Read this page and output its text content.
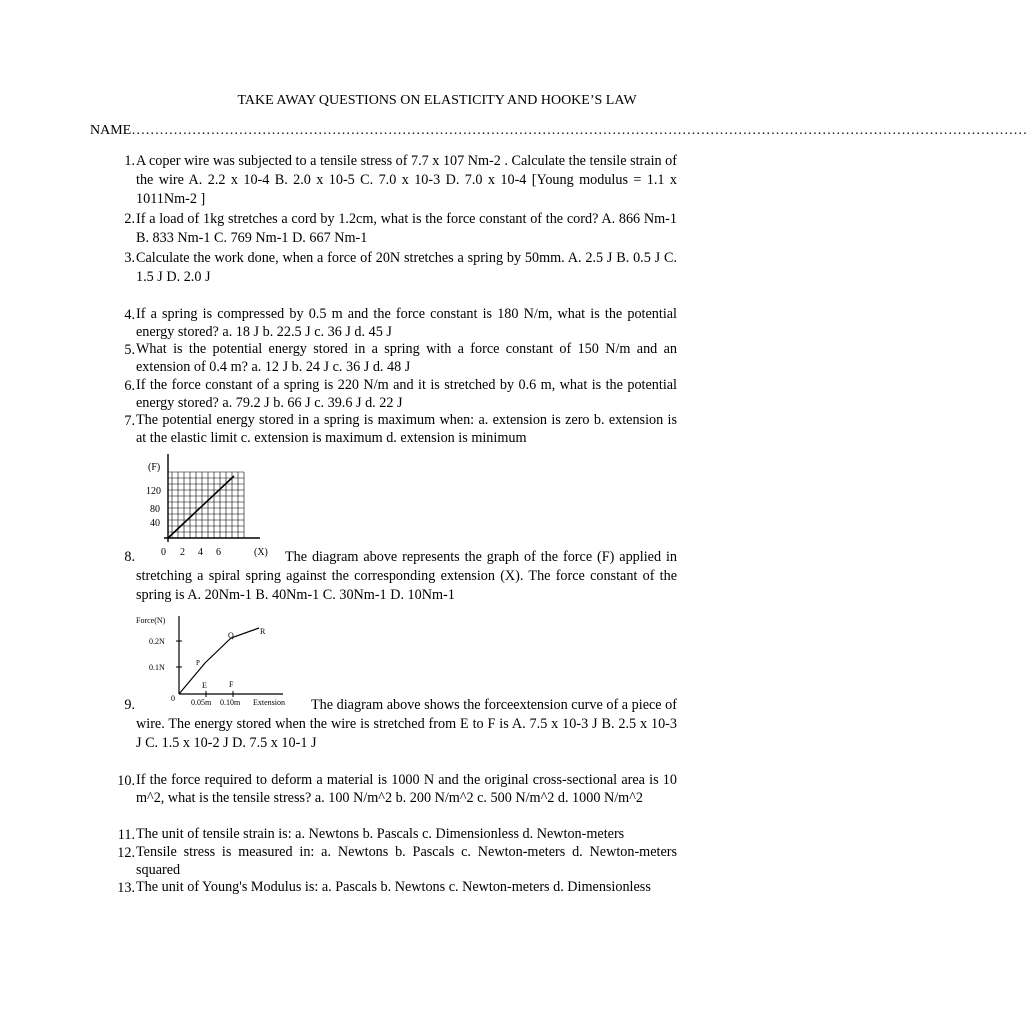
TAKE AWAY QUESTIONS ON ELASTICITY AND HOOKE’S LAW
NAME…………………………………………………………………………………………………………………………………………………………………………
1. A coper wire was subjected to a tensile stress of 7.7 x 107 Nm-2 . Calculate the tensile strain of the wire A. 2.2 x 10-4 B. 2.0 x 10-5 C. 7.0 x 10-3 D. 7.0 x 10-4 [Young modulus = 1.1 x 1011Nm-2 ]
2. If a load of 1kg stretches a cord by 1.2cm, what is the force constant of the cord? A. 866 Nm-1 B. 833 Nm-1 C. 769 Nm-1 D. 667 Nm-1
3. Calculate the work done, when a force of 20N stretches a spring by 50mm. A. 2.5 J B. 0.5 J C. 1.5 J D. 2.0 J
4. If a spring is compressed by 0.5 m and the force constant is 180 N/m, what is the potential energy stored? a. 18 J b. 22.5 J c. 36 J d. 45 J
5. What is the potential energy stored in a spring with a force constant of 150 N/m and an extension of 0.4 m? a. 12 J b. 24 J c. 36 J d. 48 J
6. If the force constant of a spring is 220 N/m and it is stretched by 0.6 m, what is the potential energy stored? a. 79.2 J b. 66 J c. 39.6 J d. 22 J
7. The potential energy stored in a spring is maximum when: a. extension is zero b. extension is at the elastic limit c. extension is maximum d. extension is minimum
(F)
120
80
40
0 2 4 6	(X)
8.	The diagram above represents the graph of the force (F) applied in stretching a spiral spring against the corresponding extension (X). The force constant of the spring is A. 20Nm-1 B. 40Nm-1 C. 30Nm-1 D. 10Nm-1
Force(N)
0.2N
0.1N
0
P
Q	R
E	F
0.05m 0.10m Extension
9.	The diagram above shows the forceextension curve of a piece of wire. The energy stored when the wire is stretched from E to F is A. 7.5 x 10-3 J B. 2.5 x 10-3 J C. 1.5 x 10-2 J D. 7.5 x 10-1 J
10. If the force required to deform a material is 1000 N and the original cross-sectional area is 10 m^2, what is the tensile stress? a. 100 N/m^2 b. 200 N/m^2 c. 500 N/m^2 d. 1000 N/m^2
11. The unit of tensile strain is: a. Newtons b. Pascals c. Dimensionless d. Newton-meters
12. Tensile stress is measured in: a. Newtons b. Pascals c. Newton-meters d. Newton-meters squared
13. The unit of Young's Modulus is: a. Pascals b. Newtons c. Newton-meters d. Dimensionless
